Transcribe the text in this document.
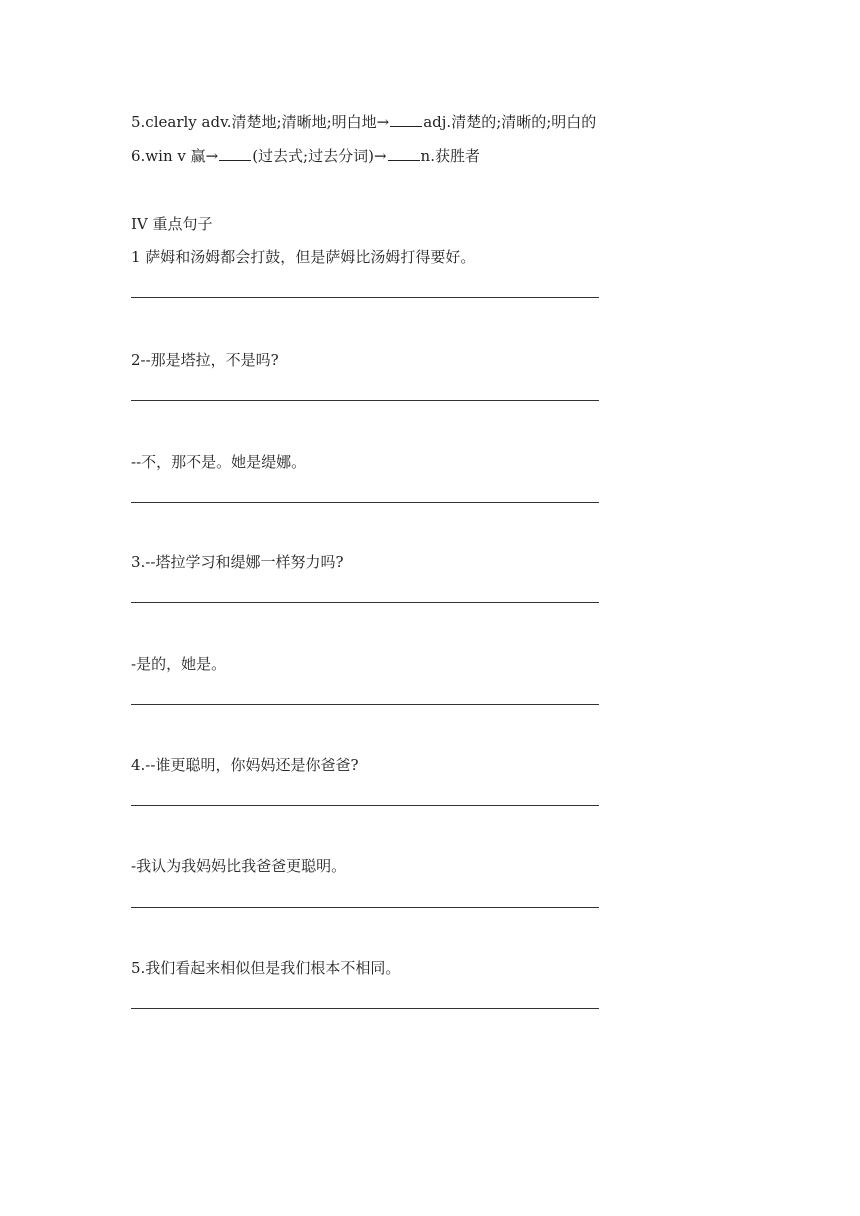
5.clearly adv.清楚地;清晰地;明白地→ adj.清楚的;清晰的;明白的
6.win v 赢→ (过去式;过去分词)→ n.获胜者
IV 重点句子
1 萨姆和汤姆都会打鼓，但是萨姆比汤姆打得要好。
2--那是塔拉，不是吗?
--不，那不是。她是缇娜。
3.--塔拉学习和缇娜一样努力吗?
-是的，她是。
4.--谁更聪明，你妈妈还是你爸爸?
-我认为我妈妈比我爸爸更聪明。
5.我们看起来相似但是我们根本不相同。
